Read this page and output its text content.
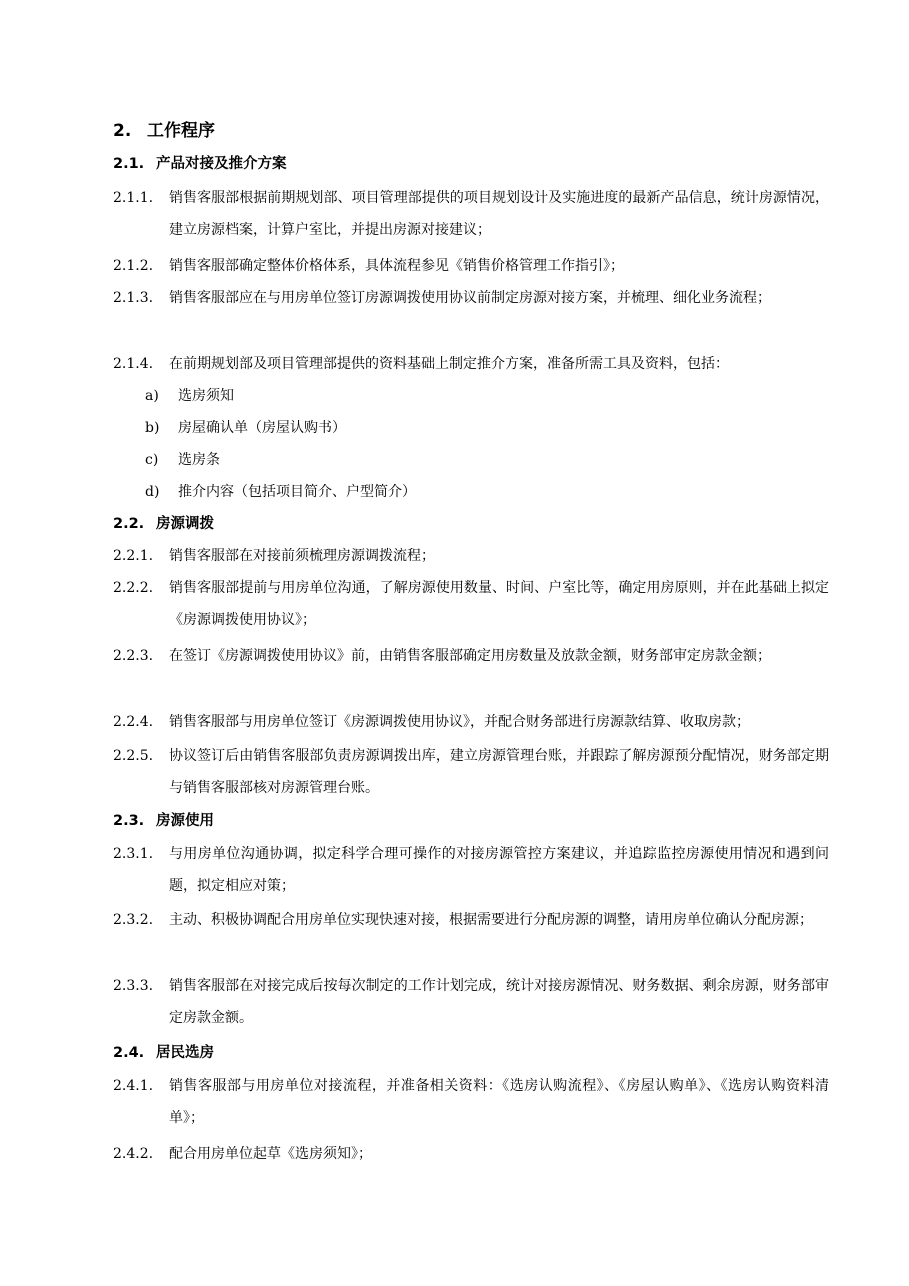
2. 工作程序
2.1. 产品对接及推介方案
2.1.1.	销售客服部根据前期规划部、项目管理部提供的项目规划设计及实施进度的最新产品信息，统计房源情况，建立房源档案，计算户室比，并提出房源对接建议；
2.1.2.	销售客服部确定整体价格体系，具体流程参见《销售价格管理工作指引》；
2.1.3.	销售客服部应在与用房单位签订房源调拨使用协议前制定房源对接方案，并梳理、细化业务流程；
2.1.4.	在前期规划部及项目管理部提供的资料基础上制定推介方案，准备所需工具及资料，包括：
a) 选房须知
b) 房屋确认单（房屋认购书）
c) 选房条
d) 推介内容（包括项目简介、户型简介）
2.2. 房源调拨
2.2.1.	销售客服部在对接前须梳理房源调拨流程；
2.2.2.	销售客服部提前与用房单位沟通，了解房源使用数量、时间、户室比等，确定用房原则，并在此基础上拟定《房源调拨使用协议》；
2.2.3.	在签订《房源调拨使用协议》前，由销售客服部确定用房数量及放款金额，财务部审定房款金额；
2.2.4.	销售客服部与用房单位签订《房源调拨使用协议》，并配合财务部进行房源款结算、收取房款；
2.2.5.	协议签订后由销售客服部负责房源调拨出库，建立房源管理台账，并跟踪了解房源预分配情况，财务部定期与销售客服部核对房源管理台账。
2.3. 房源使用
2.3.1.	与用房单位沟通协调，拟定科学合理可操作的对接房源管控方案建议，并追踪监控房源使用情况和遇到问题，拟定相应对策；
2.3.2.	主动、积极协调配合用房单位实现快速对接，根据需要进行分配房源的调整，请用房单位确认分配房源；
2.3.3.	销售客服部在对接完成后按每次制定的工作计划完成，统计对接房源情况、财务数据、剩余房源，财务部审定房款金额。
2.4. 居民选房
2.4.1.	销售客服部与用房单位对接流程，并准备相关资料：《选房认购流程》、《房屋认购单》、《选房认购资料清单》；
2.4.2.	配合用房单位起草《选房须知》；
